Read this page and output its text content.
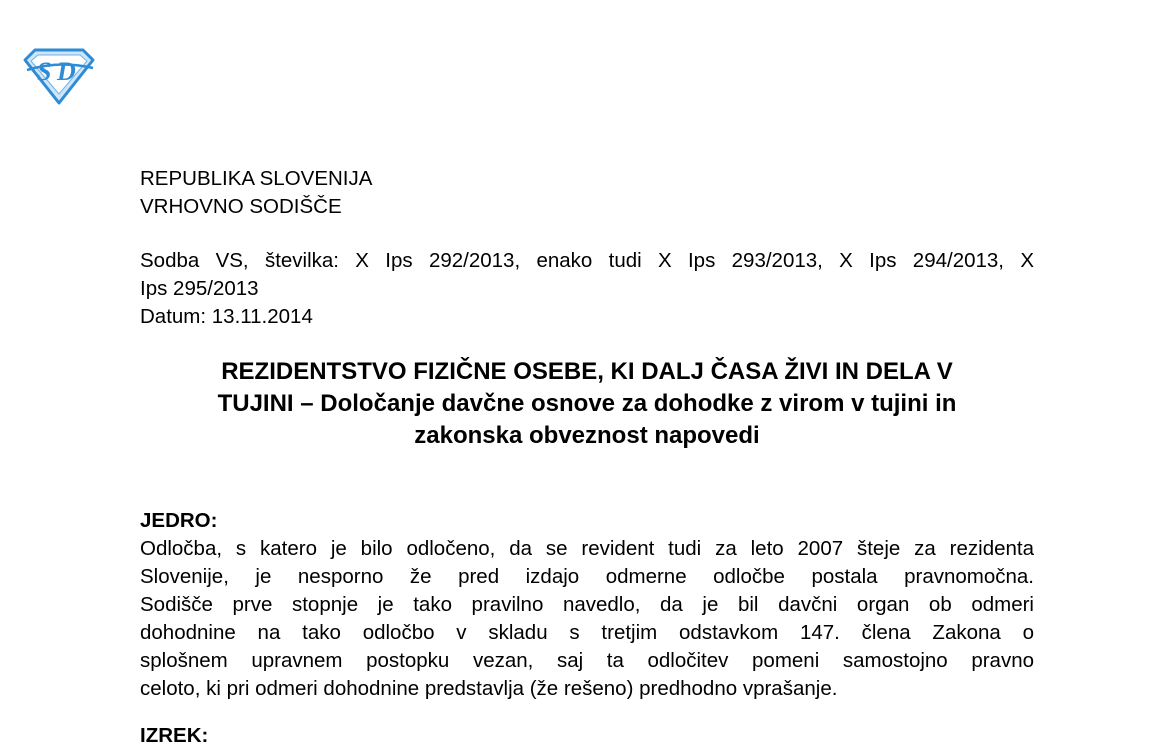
S D
REPUBLIKA SLOVENIJA
VRHOVNO SODIŠČE
Sodba VS, številka: X Ips 292/2013, enako tudi X Ips 293/2013, X Ips 294/2013, X
Ips 295/2013
Datum: 13.11.2014
REZIDENTSTVO FIZIČNE OSEBE, KI DALJ ČASA ŽIVI IN DELA V
TUJINI – Določanje davčne osnove za dohodke z virom v tujini in
zakonska obveznost napovedi
JEDRO:
Odločba, s katero je bilo odločeno, da se revident tudi za leto 2007 šteje za rezidenta
Slovenije, je nesporno že pred izdajo odmerne odločbe postala pravnomočna.
Sodišče prve stopnje je tako pravilno navedlo, da je bil davčni organ ob odmeri
dohodnine na tako odločbo v skladu s tretjim odstavkom 147. člena Zakona o
splošnem upravnem postopku vezan, saj ta odločitev pomeni samostojno pravno
celoto, ki pri odmeri dohodnine predstavlja (že rešeno) predhodno vprašanje.
IZREK:
